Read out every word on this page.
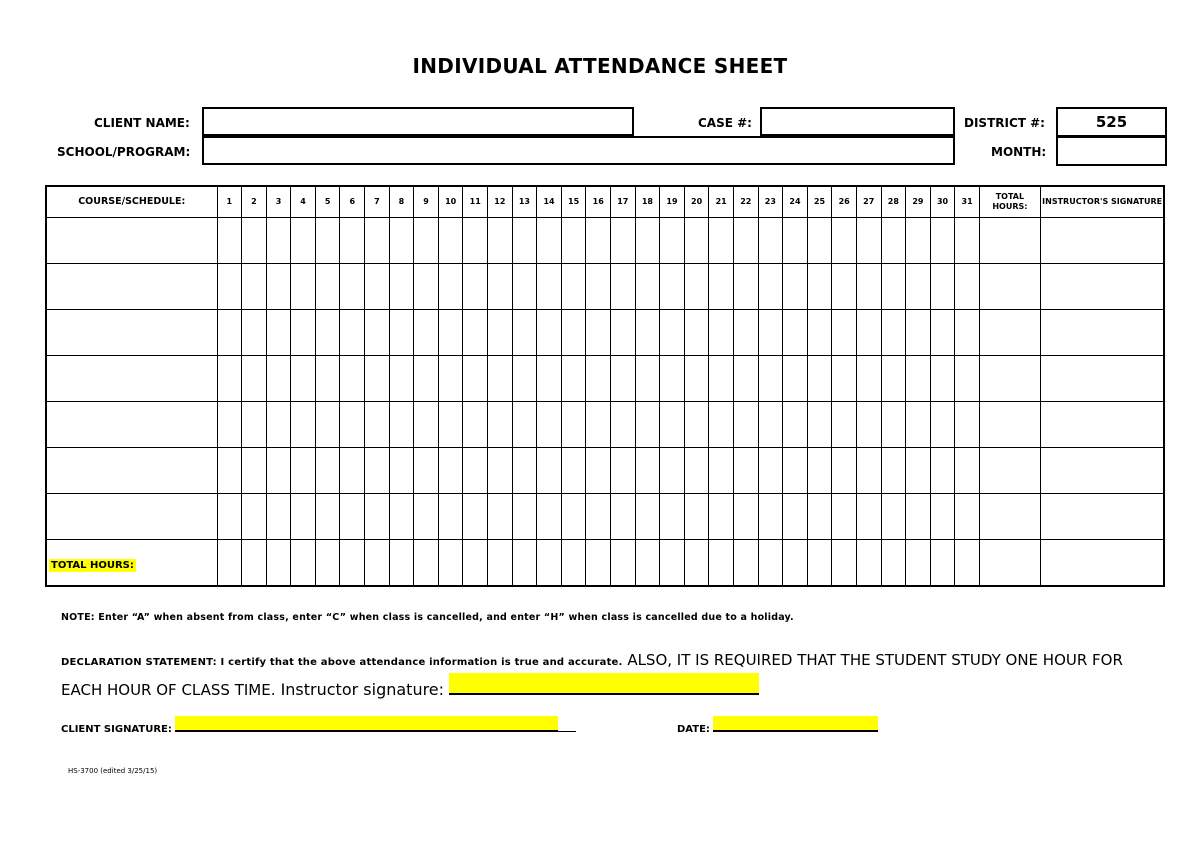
INDIVIDUAL ATTENDANCE SHEET
CLIENT NAME:	CASE #:	DISTRICT #:	525
SCHOOL/PROGRAM:	MONTH:
COURSE/SCHEDULE:	1	2	3	4	5	6	7	8	9	10	11	12	13	14	15	16	17	18	19	20	21	22	23	24	25	26	27	28	29	30	31	TOTAL HOURS:	INSTRUCTOR'S SIGNATURE

TOTAL HOURS:																																	
NOTE: Enter “A” when absent from class, enter “C” when class is cancelled, and enter “H” when class is cancelled due to a holiday.
DECLARATION STATEMENT: I certify that the above attendance information is true and accurate. ALSO, IT IS REQUIRED THAT THE STUDENT STUDY ONE HOUR FOR EACH HOUR OF CLASS TIME. Instructor signature:
CLIENT SIGNATURE:	DATE:
HS-3700 (edited 3/25/15)
